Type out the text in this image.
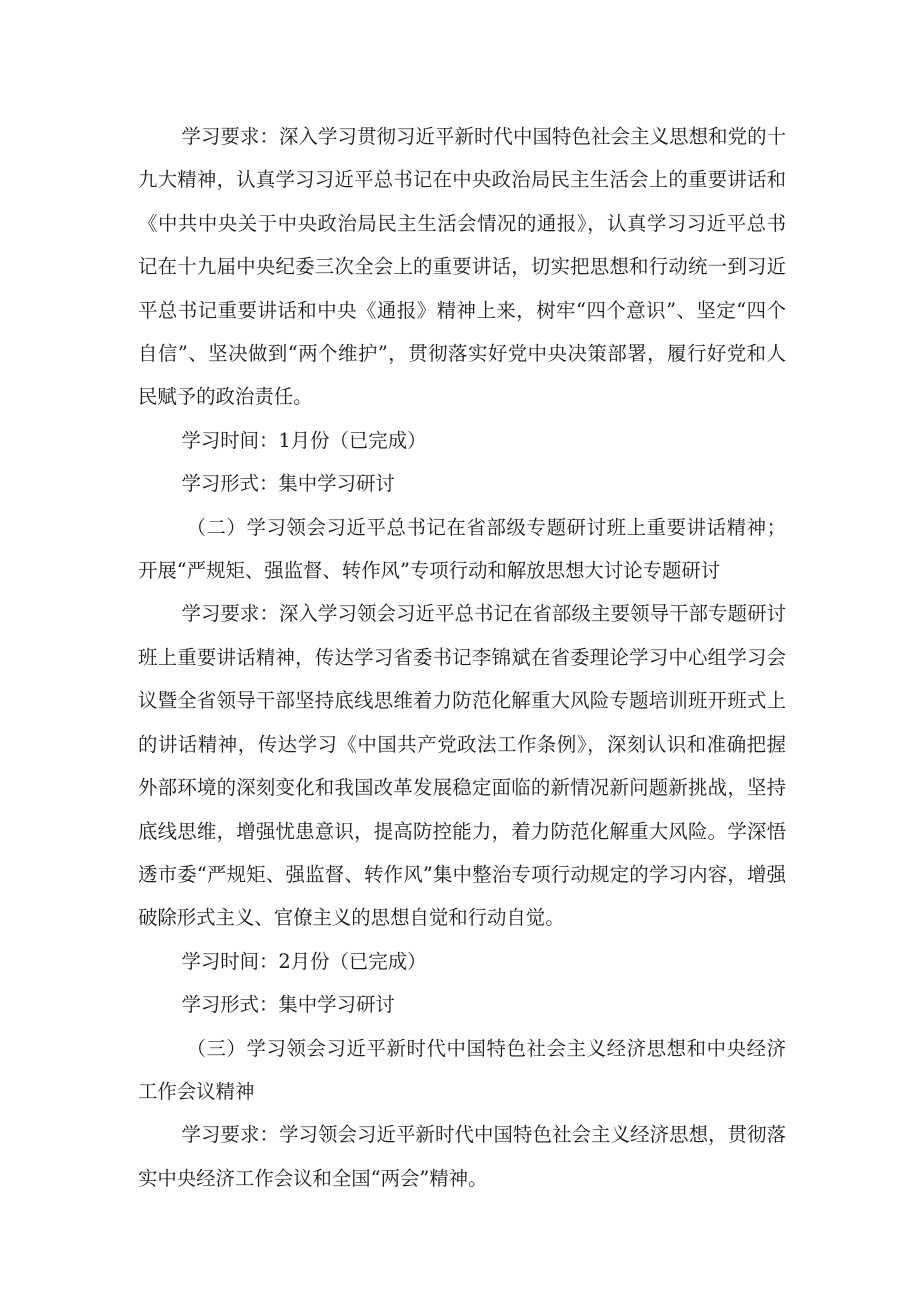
学习要求：深入学习贯彻习近平新时代中国特色社会主义思想和党的十九大精神，认真学习习近平总书记在中央政治局民主生活会上的重要讲话和《中共中央关于中央政治局民主生活会情况的通报》，认真学习习近平总书记在十九届中央纪委三次全会上的重要讲话，切实把思想和行动统一到习近平总书记重要讲话和中央《通报》精神上来，树牢“四个意识”、坚定“四个自信”、坚决做到“两个维护”，贯彻落实好党中央决策部署，履行好党和人民赋予的政治责任。

学习时间：1月份（已完成）

学习形式：集中学习研讨

（二）学习领会习近平总书记在省部级专题研讨班上重要讲话精神；开展“严规矩、强监督、转作风”专项行动和解放思想大讨论专题研讨

学习要求：深入学习领会习近平总书记在省部级主要领导干部专题研讨班上重要讲话精神，传达学习省委书记李锦斌在省委理论学习中心组学习会议暨全省领导干部坚持底线思维着力防范化解重大风险专题培训班开班式上的讲话精神，传达学习《中国共产党政法工作条例》，深刻认识和准确把握外部环境的深刻变化和我国改革发展稳定面临的新情况新问题新挑战，坚持底线思维，增强忧患意识，提高防控能力，着力防范化解重大风险。学深悟透市委“严规矩、强监督、转作风”集中整治专项行动规定的学习内容，增强破除形式主义、官僚主义的思想自觉和行动自觉。

学习时间：2月份（已完成）

学习形式：集中学习研讨

（三）学习领会习近平新时代中国特色社会主义经济思想和中央经济工作会议精神

学习要求：学习领会习近平新时代中国特色社会主义经济思想，贯彻落实中央经济工作会议和全国“两会”精神。
